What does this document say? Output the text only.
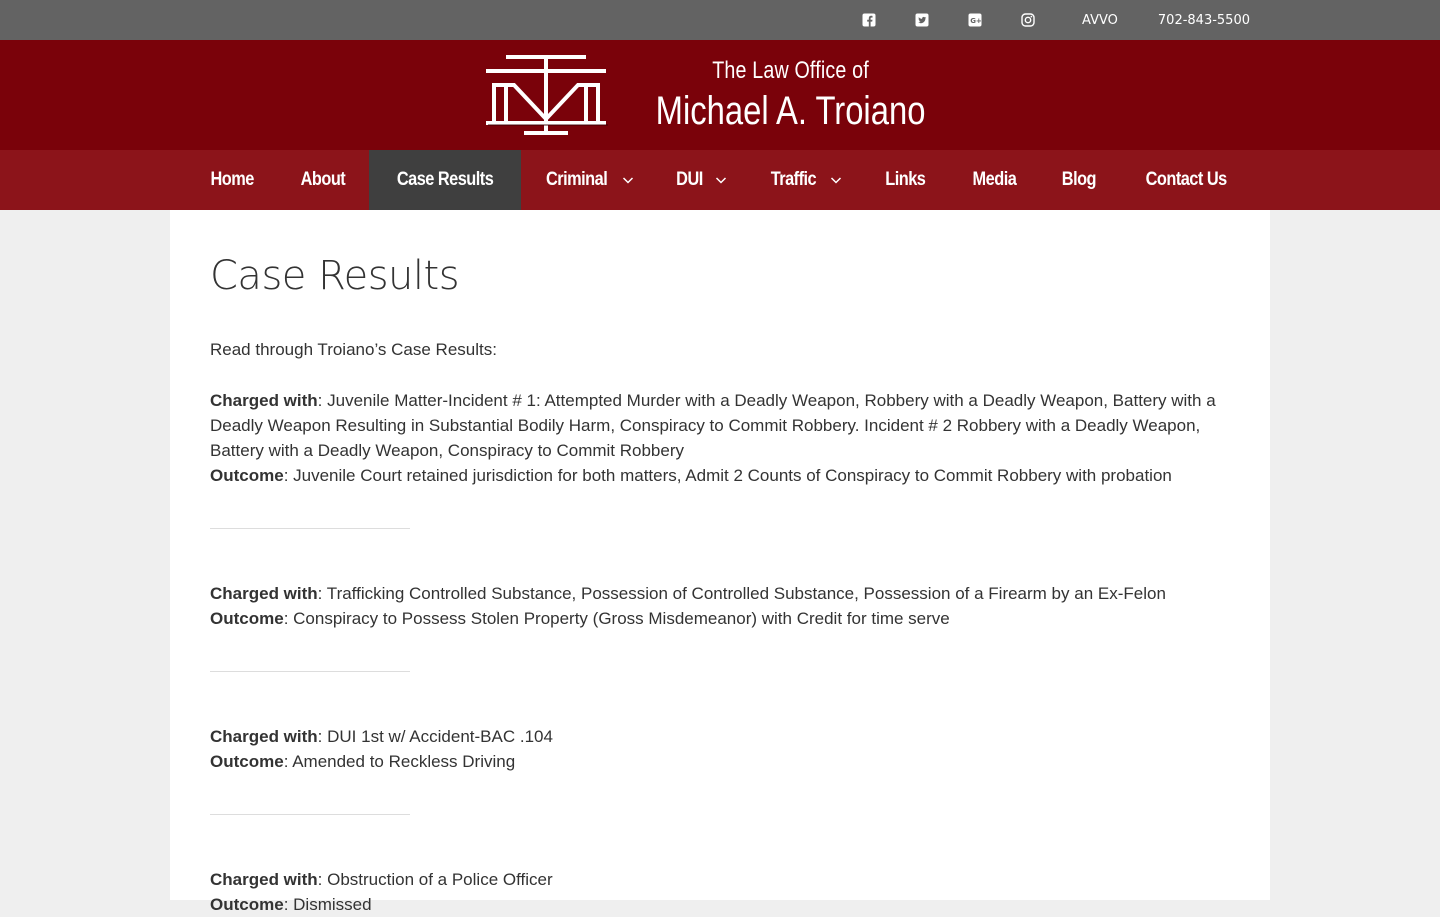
G+	AVVO	702-843-5500
The Law Office of
Michael A. Troiano
Home About	Case Results	Criminal	DUI	Traffic	Links Media Blog	Contact Us
Case Results

Read through Troiano’s Case Results:

Charged with: Juvenile Matter-Incident # 1: Attempted Murder with a Deadly Weapon, Robbery with a Deadly Weapon, Battery with a Deadly Weapon Resulting in Substantial Bodily Harm, Conspiracy to Commit Robbery. Incident # 2 Robbery with a Deadly Weapon, Battery with a Deadly Weapon, Conspiracy to Commit Robbery
Outcome: Juvenile Court retained jurisdiction for both matters, Admit 2 Counts of Conspiracy to Commit Robbery with probation
Charged with: Trafficking Controlled Substance, Possession of Controlled Substance, Possession of a Firearm by an Ex-Felon
Outcome: Conspiracy to Possess Stolen Property (Gross Misdemeanor) with Credit for time serve
Charged with: DUI 1st w/ Accident-BAC .104
Outcome: Amended to Reckless Driving
Charged with: Obstruction of a Police Officer
Outcome: Dismissed
